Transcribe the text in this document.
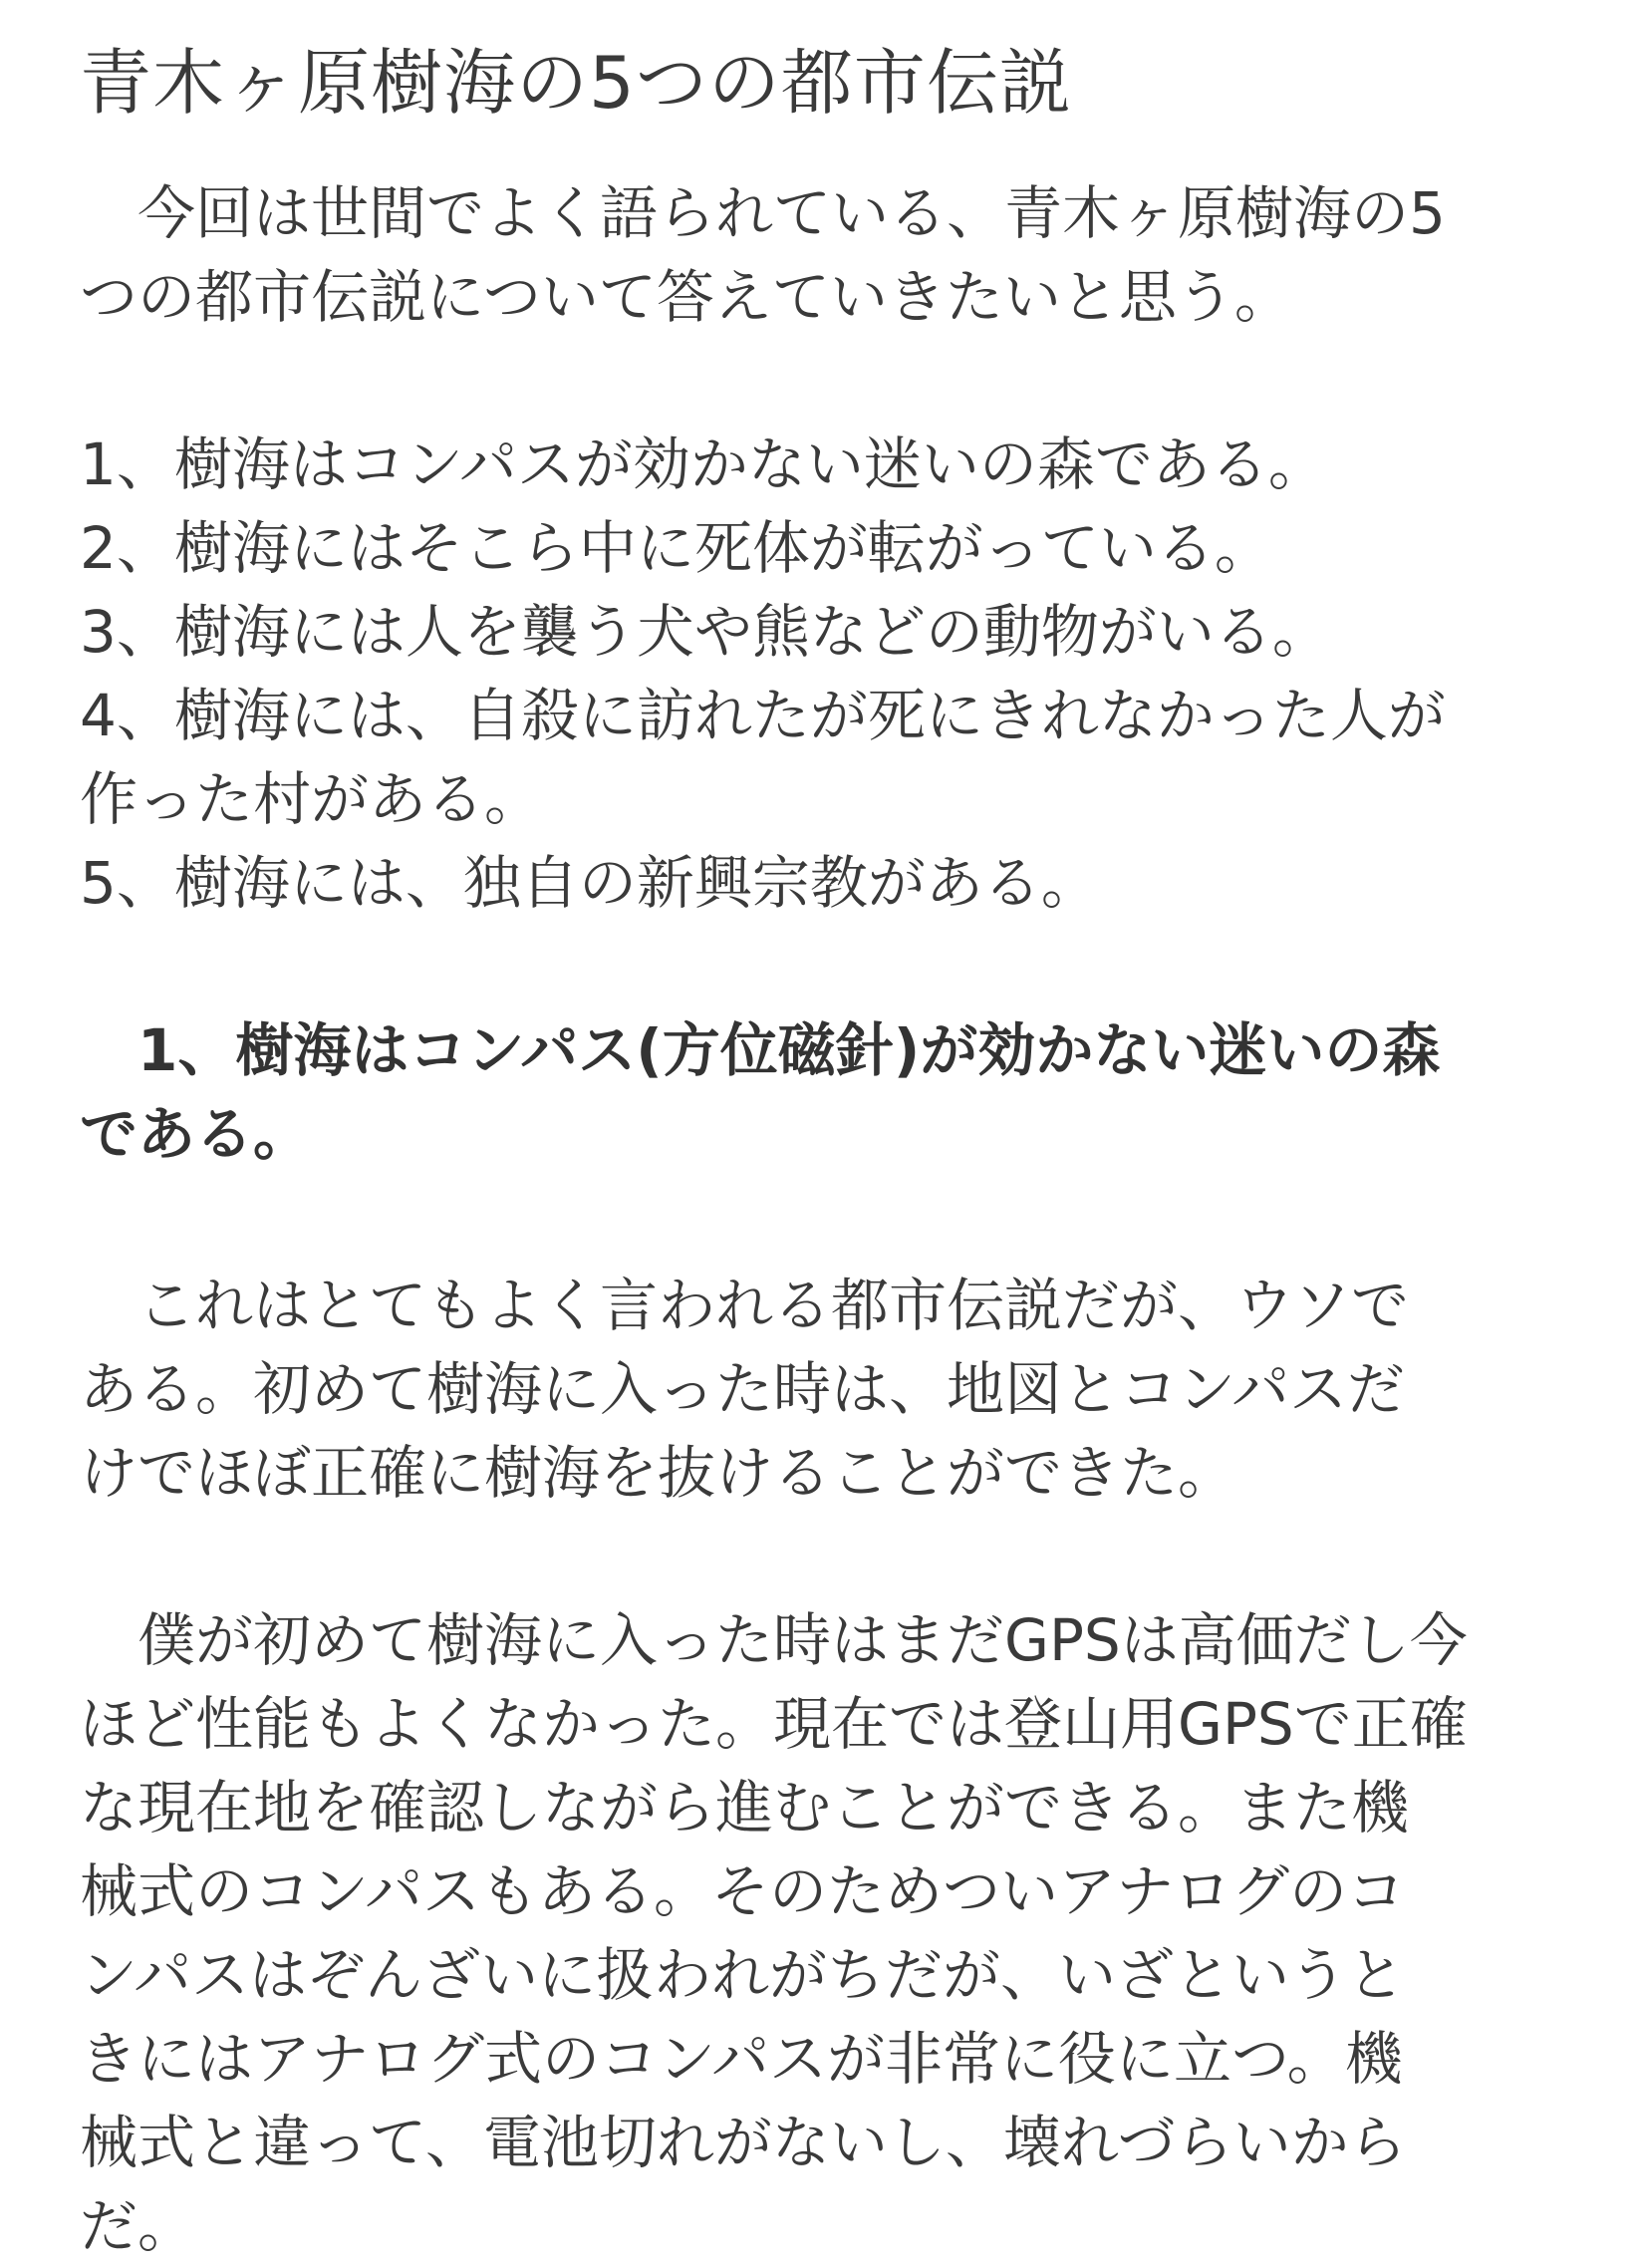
青木ヶ原樹海の5つの都市伝説

　今回は世間でよく語られている、青木ヶ原樹海の5
つの都市伝説について答えていきたいと思う。

1、樹海はコンパスが効かない迷いの森である。
2、樹海にはそこら中に死体が転がっている。
3、樹海には人を襲う犬や熊などの動物がいる。
4、樹海には、自殺に訪れたが死にきれなかった人が
作った村がある。
5、樹海には、独自の新興宗教がある。
　1、樹海はコンパス(方位磁針)が効かない迷いの森
である。

　これはとてもよく言われる都市伝説だが、ウソで
ある。初めて樹海に入った時は、地図とコンパスだ
けでほぼ正確に樹海を抜けることができた。

　僕が初めて樹海に入った時はまだGPSは高価だし今
ほど性能もよくなかった。現在では登山用GPSで正確
な現在地を確認しながら進むことができる。また機
械式のコンパスもある。そのためついアナログのコ
ンパスはぞんざいに扱われがちだが、いざというと
きにはアナログ式のコンパスが非常に役に立つ。機
械式と違って、電池切れがないし、壊れづらいから
だ。
